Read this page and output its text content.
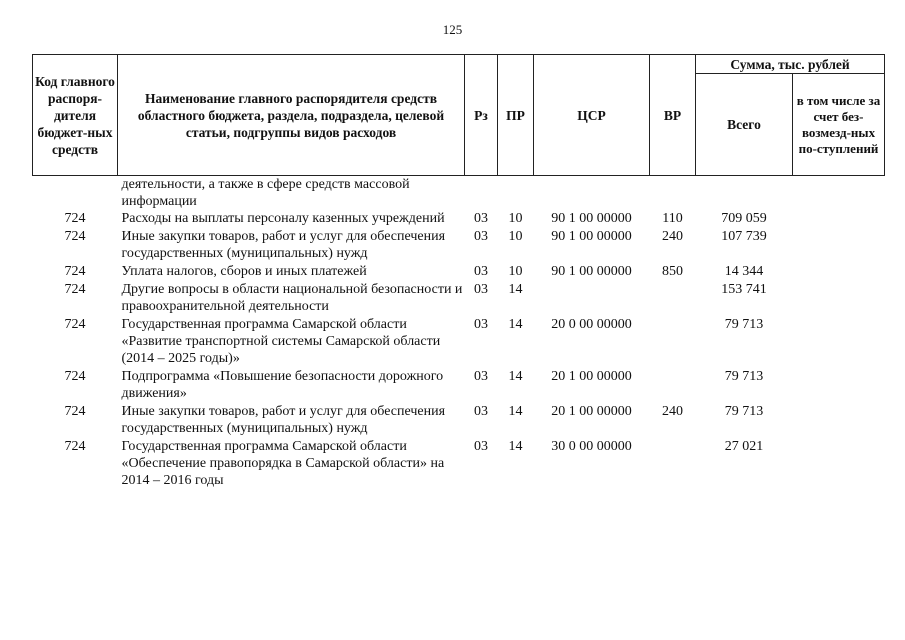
125
Код главного распоря-дителя бюджет-ных средств	Наименование главного распорядителя средств областного бюджета, раздела, подраздела, целевой статьи, подгруппы видов расходов	Рз	ПР	ЦСР	ВР	Сумма, тыс. рублей	
						Всего	в том числе за счет без-возмезд-ных по-ступлений
	деятельности, а также в сфере средств массовой информации						
724	Расходы на выплаты персоналу казенных учреждений	03	10	90 1 00 00000	110	709 059	
724	Иные закупки товаров, работ и услуг для обеспечения государственных (муниципальных) нужд	03	10	90 1 00 00000	240	107 739	
724	Уплата налогов, сборов и иных платежей	03	10	90 1 00 00000	850	14 344	
724	Другие вопросы в области национальной безопасности и правоохранительной деятельности	03	14			153 741	
724	Государственная программа Самарской области «Развитие транспортной системы Самарской области (2014 – 2025 годы)»	03	14	20 0 00 00000		79 713	
724	Подпрограмма «Повышение безопасности дорожного движения»	03	14	20 1 00 00000		79 713	
724	Иные закупки товаров, работ и услуг для обеспечения государственных (муниципальных) нужд	03	14	20 1 00 00000	240	79 713	
724	Государственная программа Самарской области «Обеспечение правопорядка в Самарской области» на 2014 – 2016 годы	03	14	30 0 00 00000		27 021	
